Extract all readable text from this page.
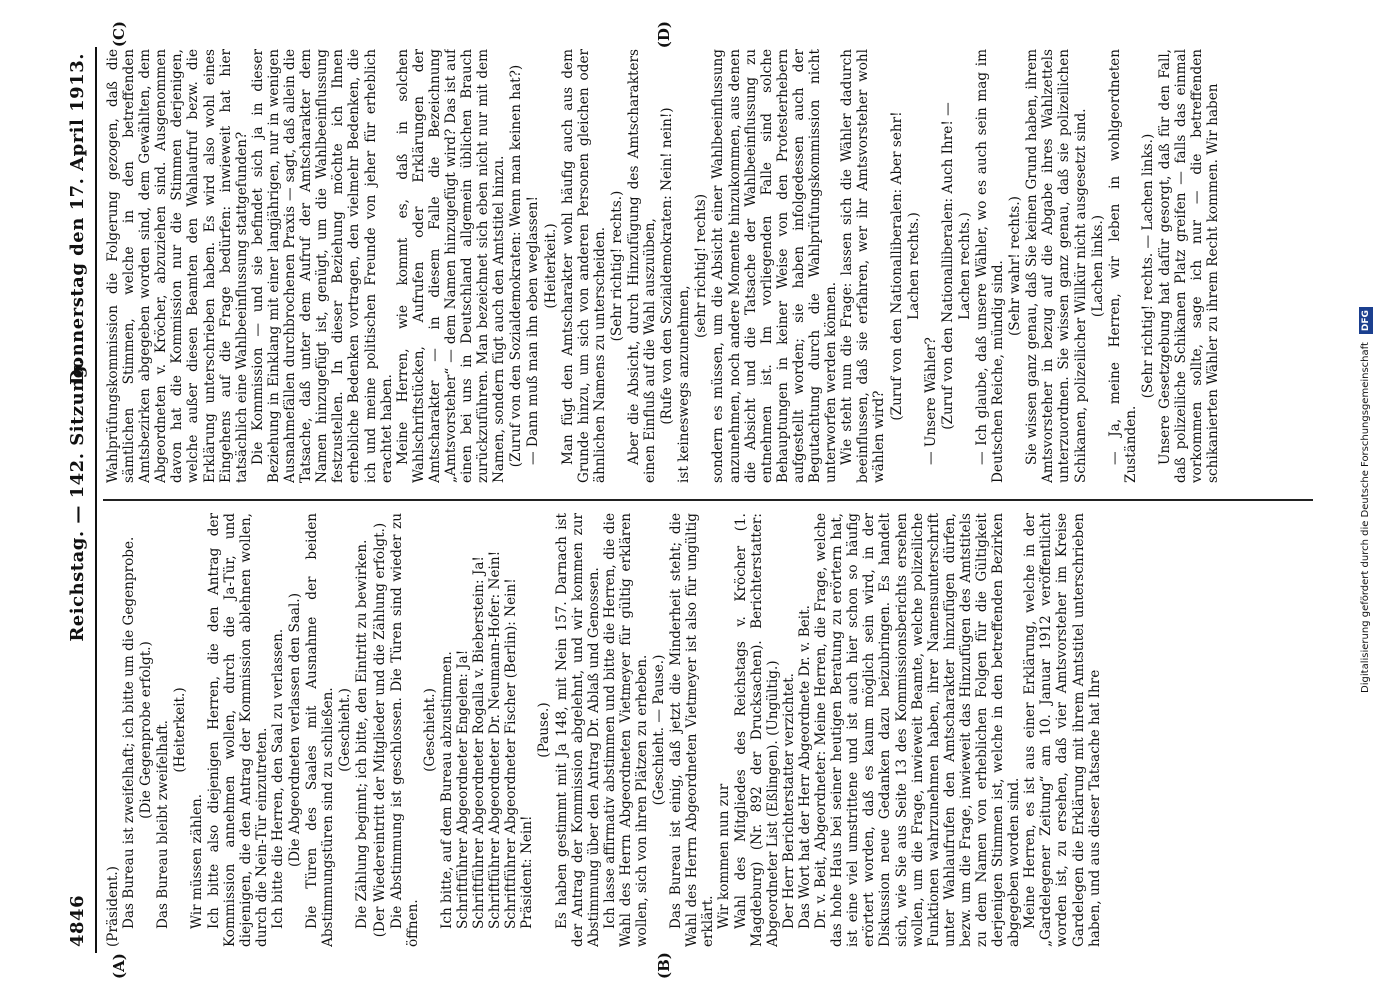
4846
Reichstag. — 142. Sitzung.
Donnerstag den 17. April 1913.
(A)	(B)
(C)	(D)

(Präsident.) Das Bureau ist zweifelhaft; ich bitte um die Gegenprobe. (Die Gegenprobe erfolgt.) Das Bureau bleibt zweifelhaft. (Heiterkeit.)

Wir müssen zählen. Ich bitte also diejenigen Herren, die den Antrag der Kommission annehmen wollen, durch die Ja-Tür, und diejenigen, die den Antrag der Kommission ablehnen wollen, durch die Nein-Tür einzutreten. Ich bitte die Herren, den Saal zu verlassen. (Die Abgeordneten verlassen den Saal.) Die Türen des Saales mit Ausnahme der beiden Abstimmungstüren sind zu schließen. (Geschieht.) Die Zählung beginnt; ich bitte, den Eintritt zu bewirken. (Der Wiedereintritt der Mitglieder und die Zählung erfolgt.) Die Abstimmung ist geschlossen. Die Türen sind wieder zu öffnen.

(Geschieht.) Ich bitte, auf dem Bureau abzustimmen. Schriftführer Abgeordneter Engelen: Ja! Schriftführer Abgeordneter Rogalla v. Bieberstein: Ja! Schriftführer Abgeordneter Dr. Neumann-Hofer: Nein! Schriftführer Abgeordneter Fischer (Berlin): Nein! Präsident: Nein!

(Pause.) Es haben gestimmt mit Ja 148, mit Nein 157. Darnach ist der Antrag der Kommission abgelehnt, und wir kommen zur Abstimmung über den Antrag Dr. Ablaß und Genossen. Ich lasse affirmativ abstimmen und bitte die Herren, die die Wahl des Herrn Abgeordneten Vietmeyer für gültig erklären wollen, sich von ihren Plätzen zu erheben. (Geschieht. — Pause.) Das Bureau ist einig, daß jetzt die Minderheit steht; die Wahl des Herrn Abgeordneten Vietmeyer ist also für ungültig erklärt. Wir kommen nun zur Wahl des Mitgliedes des Reichstags v. Kröcher (1. Magdeburg) (Nr. 892 der Drucksachen). Berichterstatter: Abgeordneter List (Eßlingen). (Ungültig.) Der Herr Berichterstatter verzichtet. Das Wort hat der Herr Abgeordnete Dr. v. Beit. Dr. v. Beit, Abgeordneter: Meine Herren, die Frage, welche das hohe Haus bei seiner heutigen Beratung zu erörtern hat, ist eine viel umstrittene und ist auch hier schon so häufig erörtert worden, daß es kaum möglich sein wird, in der Diskussion neue Gedanken dazu beizubringen. Es handelt sich, wie Sie aus Seite 13 des Kommissionsberichts ersehen wollen, um die Frage, inwieweit Beamte, welche polizeiliche Funktionen wahrzunehmen haben, ihrer Namensunterschrift unter Wahlaufrufen den Amtscharakter hinzufügen dürfen, bezw. um die Frage, inwieweit das Hinzufügen des Amtstitels zu dem Namen von erheblichen Folgen für die Gültigkeit derjenigen Stimmen ist, welche in den betreffenden Bezirken abgegeben worden sind. Meine Herren, es ist aus einer Erklärung, welche in der „Gardelegener Zeitung“ am 10. Januar 1912 veröffentlicht worden ist, zu ersehen, daß vier Amtsvorsteher im Kreise Gardelegen die Erklärung mit ihrem Amtstitel unterschrieben haben, und aus dieser Tatsache hat Ihre

Wahlprüfungskommission die Folgerung gezogen, daß die sämtlichen Stimmen, welche in den betreffenden Amtsbezirken abgegeben worden sind, dem Gewählten, dem Abgeordneten v. Kröcher, abzuziehen sind. Ausgenommen davon hat die Kommission nur die Stimmen derjenigen, welche außer diesen Beamten den Wahlaufruf bezw. die Erklärung unterschrieben haben. Es wird also wohl eines Eingehens auf die Frage bedürfen: inwieweit hat hier tatsächlich eine Wahlbeeinflussung stattgefunden? Die Kommission — und sie befindet sich ja in dieser Beziehung in Einklang mit einer langjährigen, nur in wenigen Ausnahmefällen durchbrochenen Praxis — sagt, daß allein die Tatsache, daß unter dem Aufruf der Amtscharakter dem Namen hinzugefügt ist, genügt, um die Wahlbeeinflussung festzustellen. In dieser Beziehung möchte ich Ihnen erhebliche Bedenken vortragen, den vielmehr Bedenken, die ich und meine politischen Freunde von jeher für erheblich erachtet haben. Meine Herren, wie kommt es, daß in solchen Wahlschriftstücken, Aufrufen oder Erklärungen der Amtscharakter — in diesem Falle die Bezeichnung „Amtsvorsteher“ — dem Namen hinzugefügt wird? Das ist auf einen bei uns in Deutschland allgemein üblichen Brauch zurückzuführen. Man bezeichnet sich eben nicht nur mit dem Namen, sondern fügt auch den Amtstitel hinzu. (Zuruf von den Sozialdemokraten: Wenn man keinen hat?) — Dann muß man ihn eben weglassen! (Heiterkeit.) Man fügt den Amtscharakter wohl häufig auch aus dem Grunde hinzu, um sich von anderen Personen gleichen oder ähnlichen Namens zu unterscheiden. (Sehr richtig! rechts.) Aber die Absicht, durch Hinzufügung des Amtscharakters einen Einfluß auf die Wahl auszuüben, (Rufe von den Sozialdemokraten: Nein! nein!) ist keineswegs anzunehmen,

(sehr richtig! rechts) sondern es müssen, um die Absicht einer Wahlbeeinflussung anzunehmen, noch andere Momente hinzukommen, aus denen die Absicht und die Tatsache der Wahlbeeinflussung zu entnehmen ist. Im vorliegenden Falle sind solche Behauptungen in keiner Weise von den Protesterhebern aufgestellt worden; sie haben infolgedessen auch der Begutachtung durch die Wahlprüfungskommission nicht unterworfen werden können. Wie steht nun die Frage: lassen sich die Wähler dadurch beeinflussen, daß sie erfahren, wer ihr Amtsvorsteher wohl wählen wird?

(Zuruf von den Nationalliberalen: Aber sehr! Lachen rechts.)

— Unsere Wähler? (Zuruf von den Nationalliberalen: Auch Ihre! — Lachen rechts.) — Ich glaube, daß unsere Wähler, wo es auch sein mag im Deutschen Reiche, mündig sind. (Sehr wahr! rechts.) Sie wissen ganz genau, daß Sie keinen Grund haben, ihrem Amtsvorsteher in bezug auf die Abgabe ihres Wahlzettels unterzuordnen. Sie wissen ganz genau, daß sie polizeilichen Schikanen, polizeilicher Willkür nicht ausgesetzt sind. (Lachen links.) — Ja, meine Herren, wir leben in wohlgeordneten Zuständen.

(Sehr richtig! rechts. — Lachen links.) Unsere Gesetzgebung hat dafür gesorgt, daß für den Fall, daß polizeiliche Schikanen Platz greifen — falls das einmal vorkommen sollte, sage ich nur — die betreffenden schikanierten Wähler zu ihrem Recht kommen. Wir haben

Digitalisierung gefördert durch die Deutsche ForschungsgemeinschaftDFG
